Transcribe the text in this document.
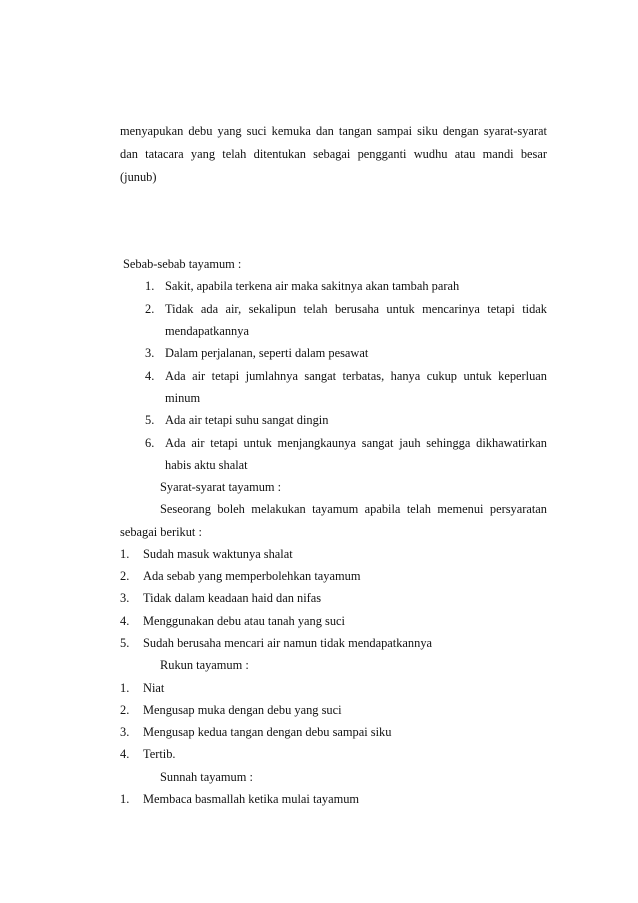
menyapukan debu yang suci kemuka dan tangan sampai siku dengan syarat-syarat
dan tatacara yang telah ditentukan sebagai pengganti wudhu atau mandi besar
(junub)
Sebab-sebab tayamum :
1. Sakit, apabila terkena air maka sakitnya akan tambah parah
2. Tidak ada air, sekalipun telah berusaha untuk mencarinya tetapi tidak
mendapatkannya
3. Dalam perjalanan, seperti dalam pesawat
4. Ada air tetapi jumlahnya sangat terbatas, hanya cukup untuk keperluan
minum
5. Ada air tetapi suhu sangat dingin
6. Ada air tetapi untuk menjangkaunya sangat jauh sehingga dikhawatirkan
habis aktu shalat
Syarat-syarat tayamum :
Seseorang boleh melakukan tayamum apabila telah memenui persyaratan
sebagai berikut :
1. Sudah masuk waktunya shalat
2. Ada sebab yang memperbolehkan tayamum
3. Tidak dalam keadaan haid dan nifas
4. Menggunakan debu atau tanah yang suci
5. Sudah berusaha mencari air namun tidak mendapatkannya
Rukun tayamum :
1. Niat
2. Mengusap muka dengan debu yang suci
3. Mengusap kedua tangan dengan debu sampai siku
4. Tertib.
Sunnah tayamum :
1. Membaca basmallah ketika mulai tayamum
